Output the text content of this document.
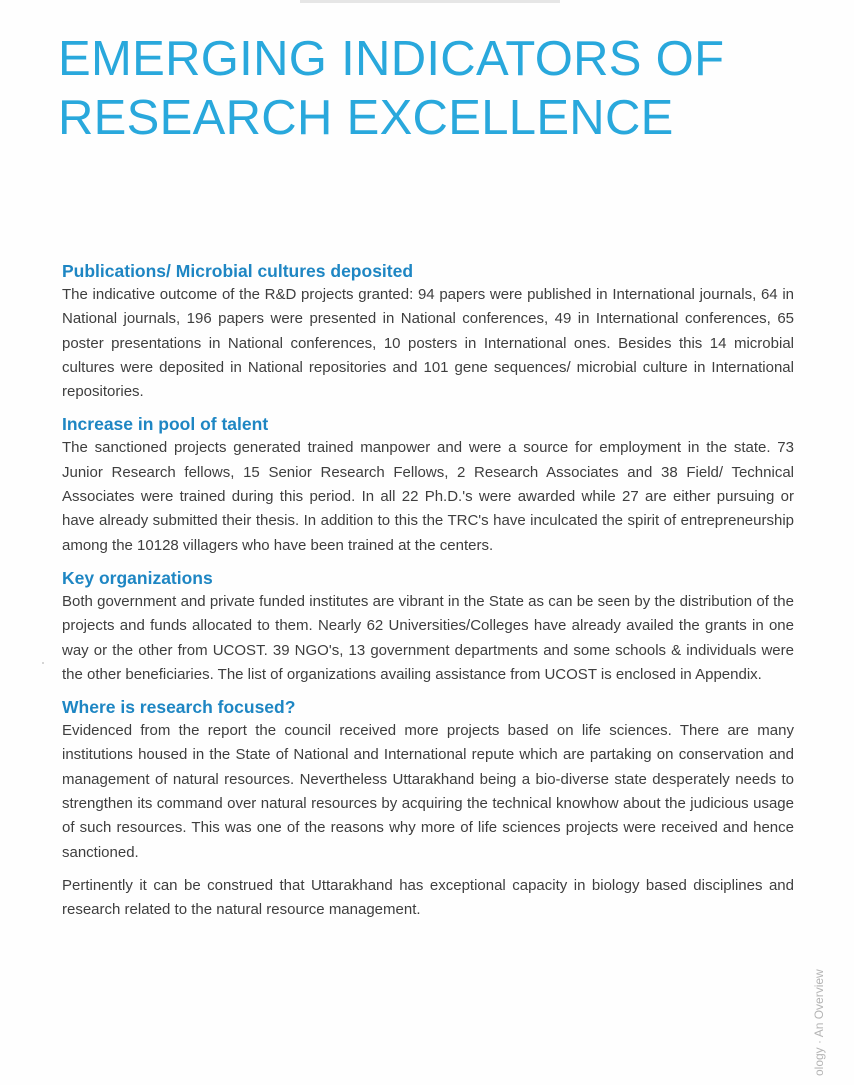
EMERGING INDICATORS OF RESEARCH EXCELLENCE
Publications/ Microbial cultures deposited

The indicative outcome of the R&D projects granted: 94 papers were published in International journals, 64 in National journals, 196 papers were presented in National conferences, 49 in International conferences, 65 poster presentations in National conferences, 10 posters in International ones. Besides this 14 microbial cultures were deposited in National repositories and 101 gene sequences/ microbial culture in International repositories.

Increase in pool of talent

The sanctioned projects generated trained manpower and were a source for employment in the state. 73 Junior Research fellows, 15 Senior Research Fellows, 2 Research Associates and 38 Field/ Technical Associates were trained during this period. In all 22 Ph.D.'s were awarded while 27 are either pursuing or have already submitted their thesis. In addition to this the TRC's have inculcated the spirit of entrepreneurship among the 10128 villagers who have been trained at the centers.

Key organizations

Both government and private funded institutes are vibrant in the State as can be seen by the distribution of the projects and funds allocated to them. Nearly 62 Universities/Colleges have already availed the grants in one way or the other from UCOST. 39 NGO's, 13 government departments and some schools & individuals were the other beneficiaries. The list of organizations availing assistance from UCOST is enclosed in Appendix.

Where is research focused?

Evidenced from the report the council received more projects based on life sciences. There are many institutions housed in the State of National and International repute which are partaking on conservation and management of natural resources. Nevertheless Uttarakhand being a bio-diverse state desperately needs to strengthen its command over natural resources by acquiring the technical knowhow about the judicious usage of such resources. This was one of the reasons why more of life sciences projects were received and hence sanctioned.

Pertinently it can be construed that Uttarakhand has exceptional capacity in biology based disciplines and research related to the natural resource management.

ology · An Overview
